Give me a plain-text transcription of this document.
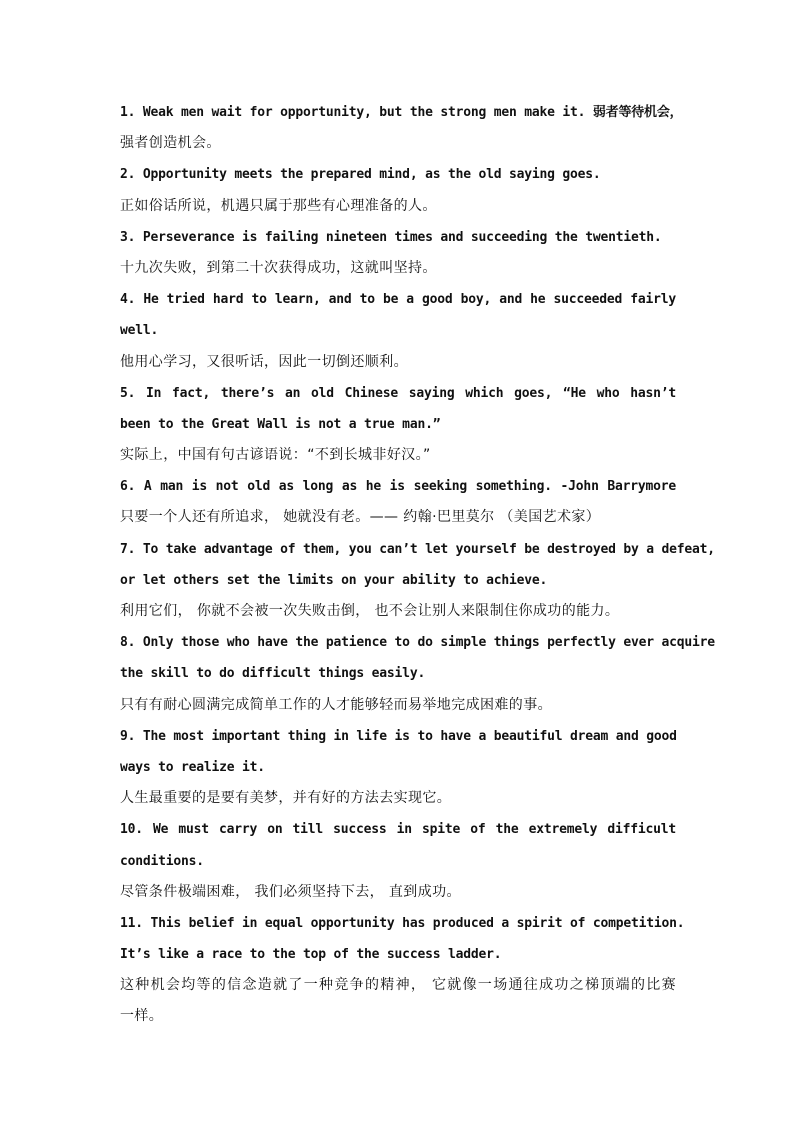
1. Weak men wait for opportunity, but the strong men make it. 弱者等待机会，
强者创造机会。
2. Opportunity meets the prepared mind, as the old saying goes.
正如俗话所说，机遇只属于那些有心理准备的人。
3. Perseverance is failing nineteen times and succeeding the twentieth.
十九次失败，到第二十次获得成功，这就叫坚持。
4. He tried hard to learn, and to be a good boy, and he succeeded fairly
well.
他用心学习，又很听话，因此一切倒还顺利。
5. In fact, there’s an old Chinese saying which goes, “He who hasn’t
been to the Great Wall is not a true man.”
实际上，中国有句古谚语说：“不到长城非好汉。”
6. A man is not old as long as he is seeking something. -John Barrymore
只要一个人还有所追求， 她就没有老。—— 约翰·巴里莫尔 （美国艺术家）
7. To take advantage of them, you can’t let yourself be destroyed by a defeat,
or let others set the limits on your ability to achieve.
利用它们， 你就不会被一次失败击倒， 也不会让别人来限制住你成功的能力。
8. Only those who have the patience to do simple things perfectly ever acquire
the skill to do difficult things easily.
只有有耐心圆满完成简单工作的人才能够轻而易举地完成困难的事。
9. The most important thing in life is to have a beautiful dream and good
ways to realize it.
人生最重要的是要有美梦，并有好的方法去实现它。
10. We must carry on till success in spite of the extremely difficult
conditions.
尽管条件极端困难， 我们必须坚持下去， 直到成功。
11. This belief in equal opportunity has produced a spirit of competition.
It’s like a race to the top of the success ladder.
这种机会均等的信念造就了一种竞争的精神， 它就像一场通往成功之梯顶端的比赛
一样。
